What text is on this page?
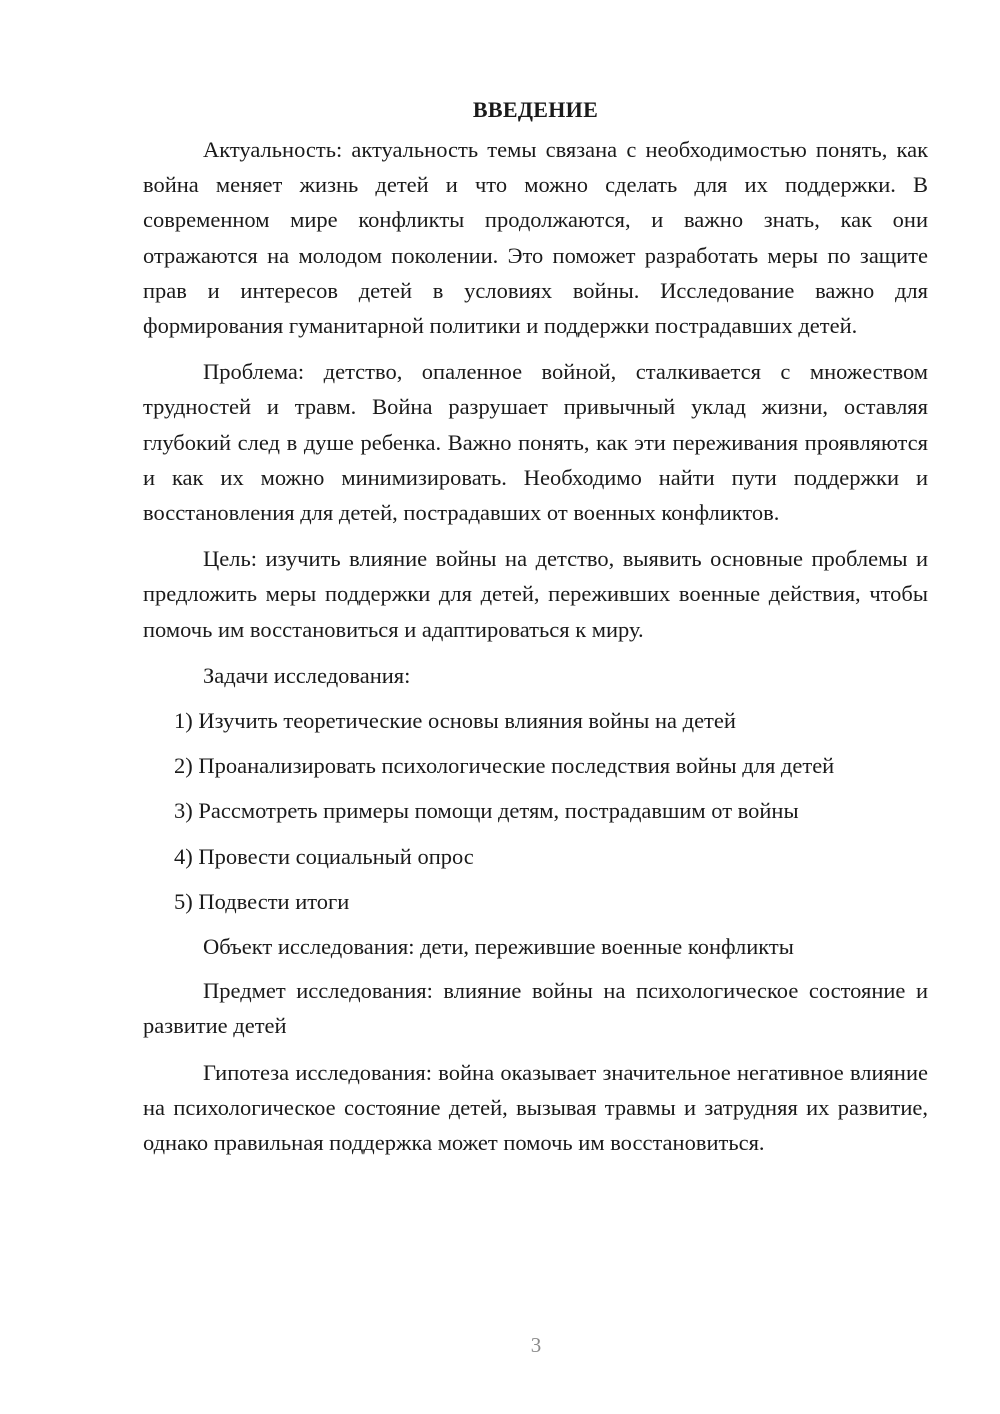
ВВЕДЕНИЕ

Актуальность: актуальность темы связана с необходимостью понять, как война меняет жизнь детей и что можно сделать для их поддержки. В современном мире конфликты продолжаются, и важно знать, как они отражаются на молодом поколении. Это поможет разработать меры по защите прав и интересов детей в условиях войны. Исследование важно для формирования гуманитарной политики и поддержки пострадавших детей.

Проблема: детство, опаленное войной, сталкивается с множеством трудностей и травм. Война разрушает привычный уклад жизни, оставляя глубокий след в душе ребенка. Важно понять, как эти переживания проявляются и как их можно минимизировать. Необходимо найти пути поддержки и восстановления для детей, пострадавших от военных конфликтов.

Цель: изучить влияние войны на детство, выявить основные проблемы и предложить меры поддержки для детей, переживших военные действия, чтобы помочь им восстановиться и адаптироваться к миру.

Задачи исследования:
1) Изучить теоретические основы влияния войны на детей
2) Проанализировать психологические последствия войны для детей
3) Рассмотреть примеры помощи детям, пострадавшим от войны
4) Провести социальный опрос
5) Подвести итоги

Объект исследования: дети, пережившие военные конфликты

Предмет исследования: влияние войны на психологическое состояние и развитие детей

Гипотеза исследования: война оказывает значительное негативное влияние на психологическое состояние детей, вызывая травмы и затрудняя их развитие, однако правильная поддержка может помочь им восстановиться.

3
